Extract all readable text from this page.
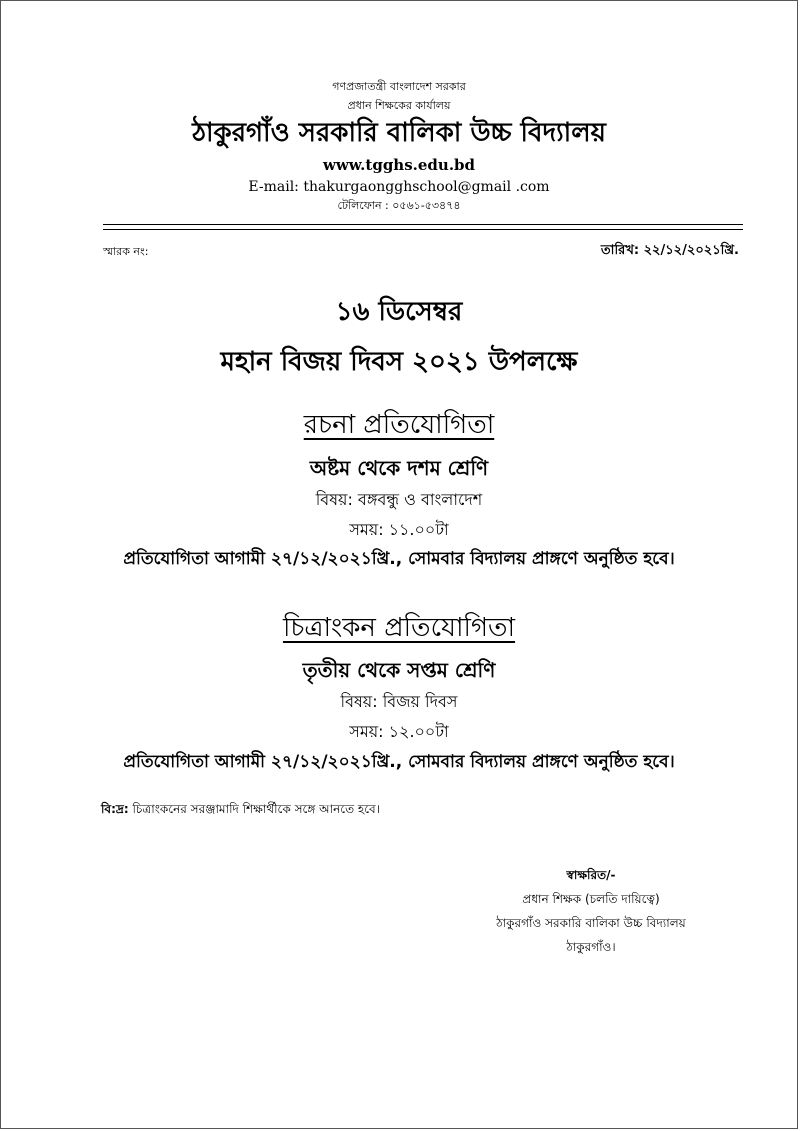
গণপ্রজাতন্ত্রী বাংলাদেশ সরকার
প্রধান শিক্ষকের কার্যালয়
ঠাকুরগাঁও সরকারি বালিকা উচ্চ বিদ্যালয়
www.tgghs.edu.bd
E-mail: thakurgaongghschool@gmail .com
টেলিফোন : ০৫৬১-৫৩৪৭৪
স্মারক নং:	তারিখ: ২২/১২/২০২১খ্রি.
১৬ ডিসেম্বর
মহান বিজয় দিবস ২০২১ উপলক্ষে
রচনা প্রতিযোগিতা
অষ্টম থেকে দশম শ্রেণি
বিষয়: বঙ্গবন্ধু ও বাংলাদেশ
সময়: ১১.০০টা
প্রতিযোগিতা আগামী ২৭/১২/২০২১খ্রি., সোমবার বিদ্যালয় প্রাঙ্গণে অনুষ্ঠিত হবে।
চিত্রাংকন প্রতিযোগিতা
তৃতীয় থেকে সপ্তম শ্রেণি
বিষয়: বিজয় দিবস
সময়: ১২.০০টা
প্রতিযোগিতা আগামী ২৭/১২/২০২১খ্রি., সোমবার বিদ্যালয় প্রাঙ্গণে অনুষ্ঠিত হবে।
বি:দ্র: চিত্রাংকনের সরঞ্জামাদি শিক্ষার্থীকে সঙ্গে আনতে হবে।
স্বাক্ষরিত/-
প্রধান শিক্ষক (চলতি দায়িত্বে)
ঠাকুরগাঁও সরকারি বালিকা উচ্চ বিদ্যালয়
ঠাকুরগাঁও।
